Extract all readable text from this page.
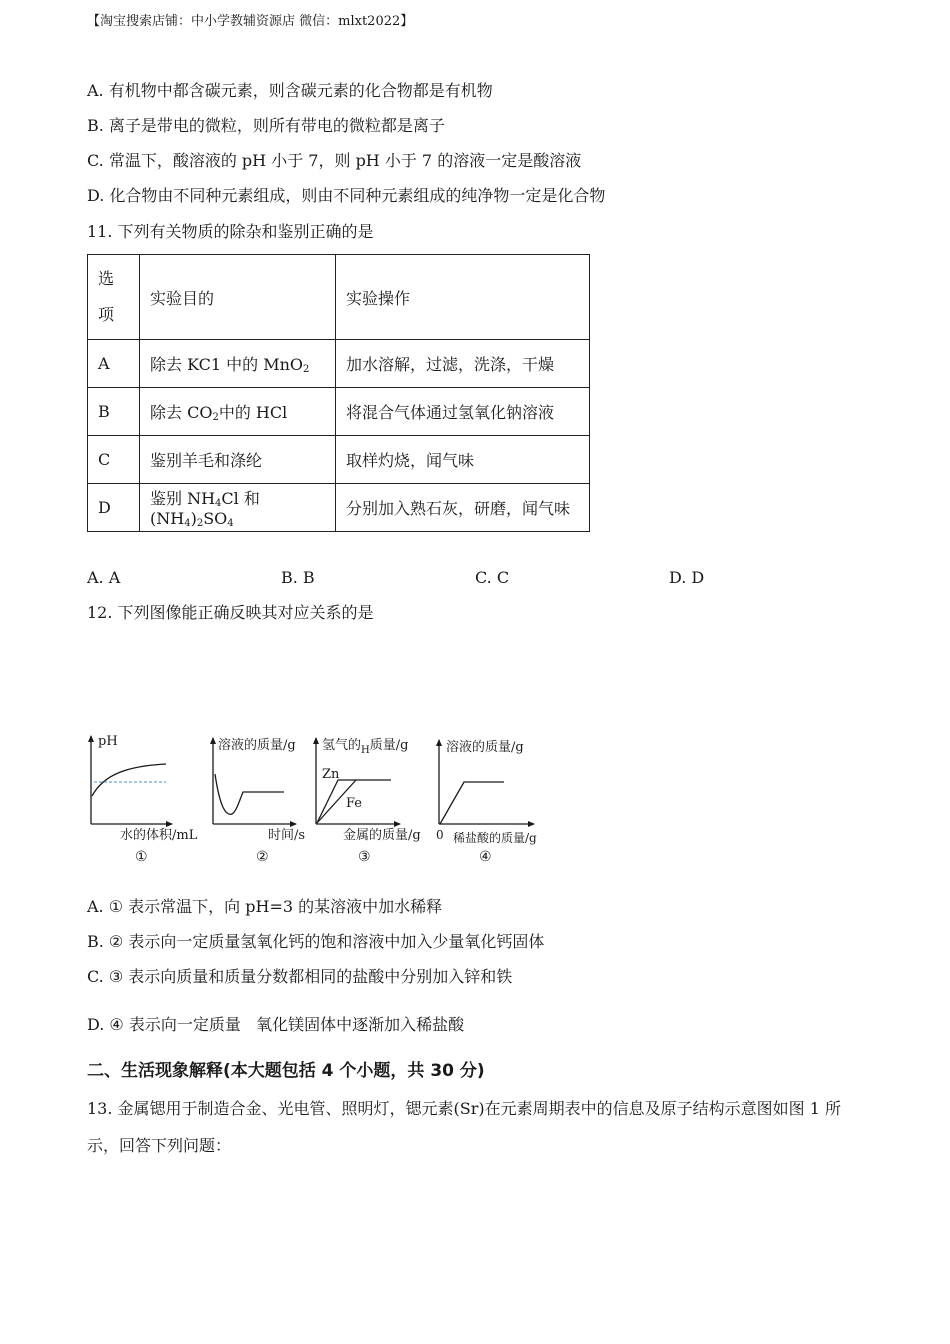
【淘宝搜索店铺：中小学教辅资源店 微信：mlxt2022】
A. 有机物中都含碳元素，则含碳元素的化合物都是有机物
B. 离子是带电的微粒，则所有带电的微粒都是离子
C. 常温下，酸溶液的 pH 小于 7，则 pH 小于 7 的溶液一定是酸溶液
D. 化合物由不同种元素组成，则由不同种元素组成的纯净物一定是化合物
11. 下列有关物质的除杂和鉴别正确的是
选
项	实验目的	实验操作
A	除去 KC1 中的 MnO$_2$	加水溶解，过滤，洗涤，干燥
B	除去 $CO_2$中的 HCl	将混合气体通过氢氧化钠溶液
C	鉴别羊毛和涤纶	取样灼烧，闻气味
D	鉴别 $NH_4Cl$ 和$(NH_4)_2SO_4$	分别加入熟石灰，研磨，闻气味
A. A	B. B	C. C	D. D
12. 下列图像能正确反映其对应关系的是
pH
水的体积/mL
①
溶液的质量/g
时间/s
②
氢气的$_H$质量/g
Zn
Fe
金属的质量/g
③
溶液的质量/g
0 稀盐酸的质量/g
④
A. ① 表示常温下，向 pH=3 的某溶液中加水稀释
B. ② 表示向一定质量氢氧化钙的饱和溶液中加入少量氧化钙固体
C. ③ 表示向质量和质量分数都相同的盐酸中分别加入锌和铁
D. ④ 表示向一定质量   氧化镁固体中逐渐加入稀盐酸
二、生活现象解释(本大题包括 4 个小题，共 30 分)
13. 金属锶用于制造合金、光电管、照明灯，锶元素(Sr)在元素周期表中的信息及原子结构示意图如图 1 所
示，回答下列问题：
